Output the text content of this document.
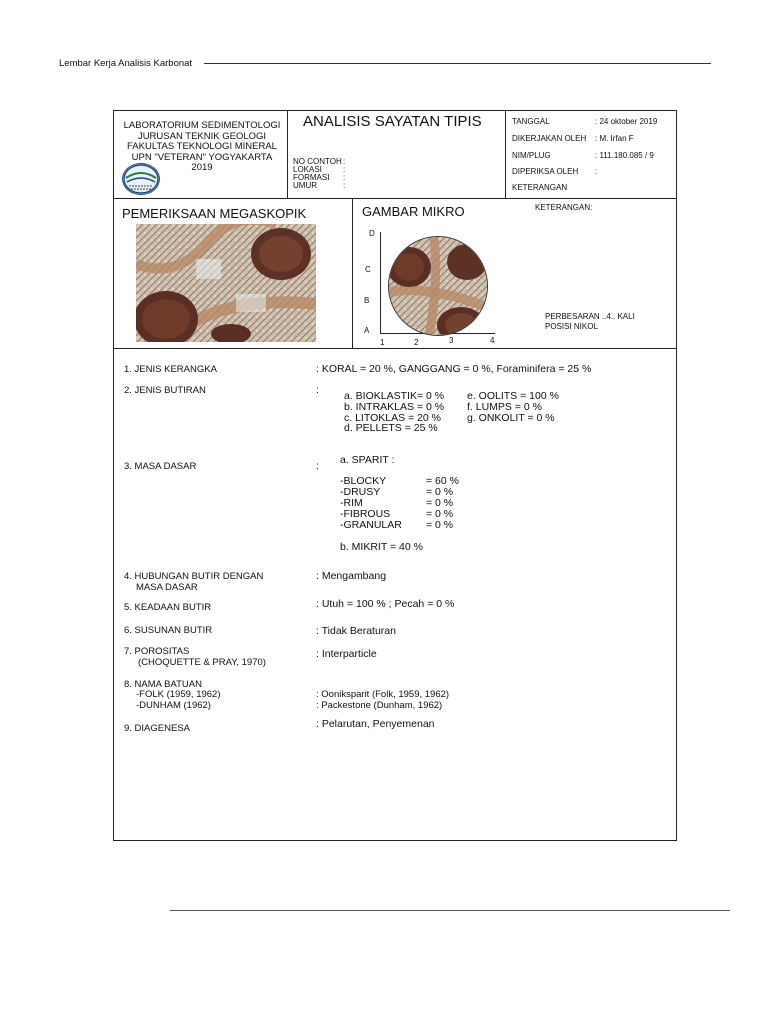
Lembar Kerja Analisis Karbonat
LABORATORIUM SEDIMENTOLOGI
JURUSAN TEKNIK GEOLOGI
FAKULTAS TEKNOLOGI MINERAL
UPN "VETERAN" YOGYAKARTA
2019
ANALISIS SAYATAN TIPIS
NO CONTOH :
LOKASI	:
FORMASI :
UMUR	:
TANGGAL	: 24 oktober 2019
DIKERJAKAN OLEH : M. Irfan F
NIM/PLUG	: 111.180.085 / 9
DIPERIKSA OLEH :
KETERANGAN
PEMERIKSAAN MEGASKOPIK	GAMBAR MIKRO	KETERANGAN:
D
C
B
A
1	2	3	4
PERBESARAN ..4.. KALI
POSISI NIKOL
1. JENIS KERANGKA	: KORAL = 20 %, GANGGANG = 0 %, Foraminifera = 25 %
2. JENIS BUTIRAN	: a. BIOKLASTIK= 0 %
b. INTRAKLAS = 0 %
c. LITOKLAS = 20 %
d. PELLETS = 25 %
e. OOLITS = 100 %
f. LUMPS = 0 %
g. ONKOLIT = 0 %
3. MASA DASAR	: a. SPARIT :
-BLOCKY	= 60 %
-DRUSY	= 0 %
-RIM	= 0 %
-FIBROUS	= 0 %
-GRANULAR = 0 %
b. MIKRIT = 40 %
4. HUBUNGAN BUTIR DENGAN
MASA DASAR
: Mengambang
5. KEADAAN BUTIR	: Utuh = 100 % ; Pecah = 0 %
6. SUSUNAN BUTIR	: Tidak Beraturan
7. POROSITAS
(CHOQUETTE & PRAY, 1970)
: Interparticle
8. NAMA BATUAN
-FOLK (1959, 1962)
-DUNHAM (1962)
: Ooniksparit (Folk, 1959, 1962)
: Packestone (Dunham, 1962)
9. DIAGENESA	: Pelarutan, Penyemenan
